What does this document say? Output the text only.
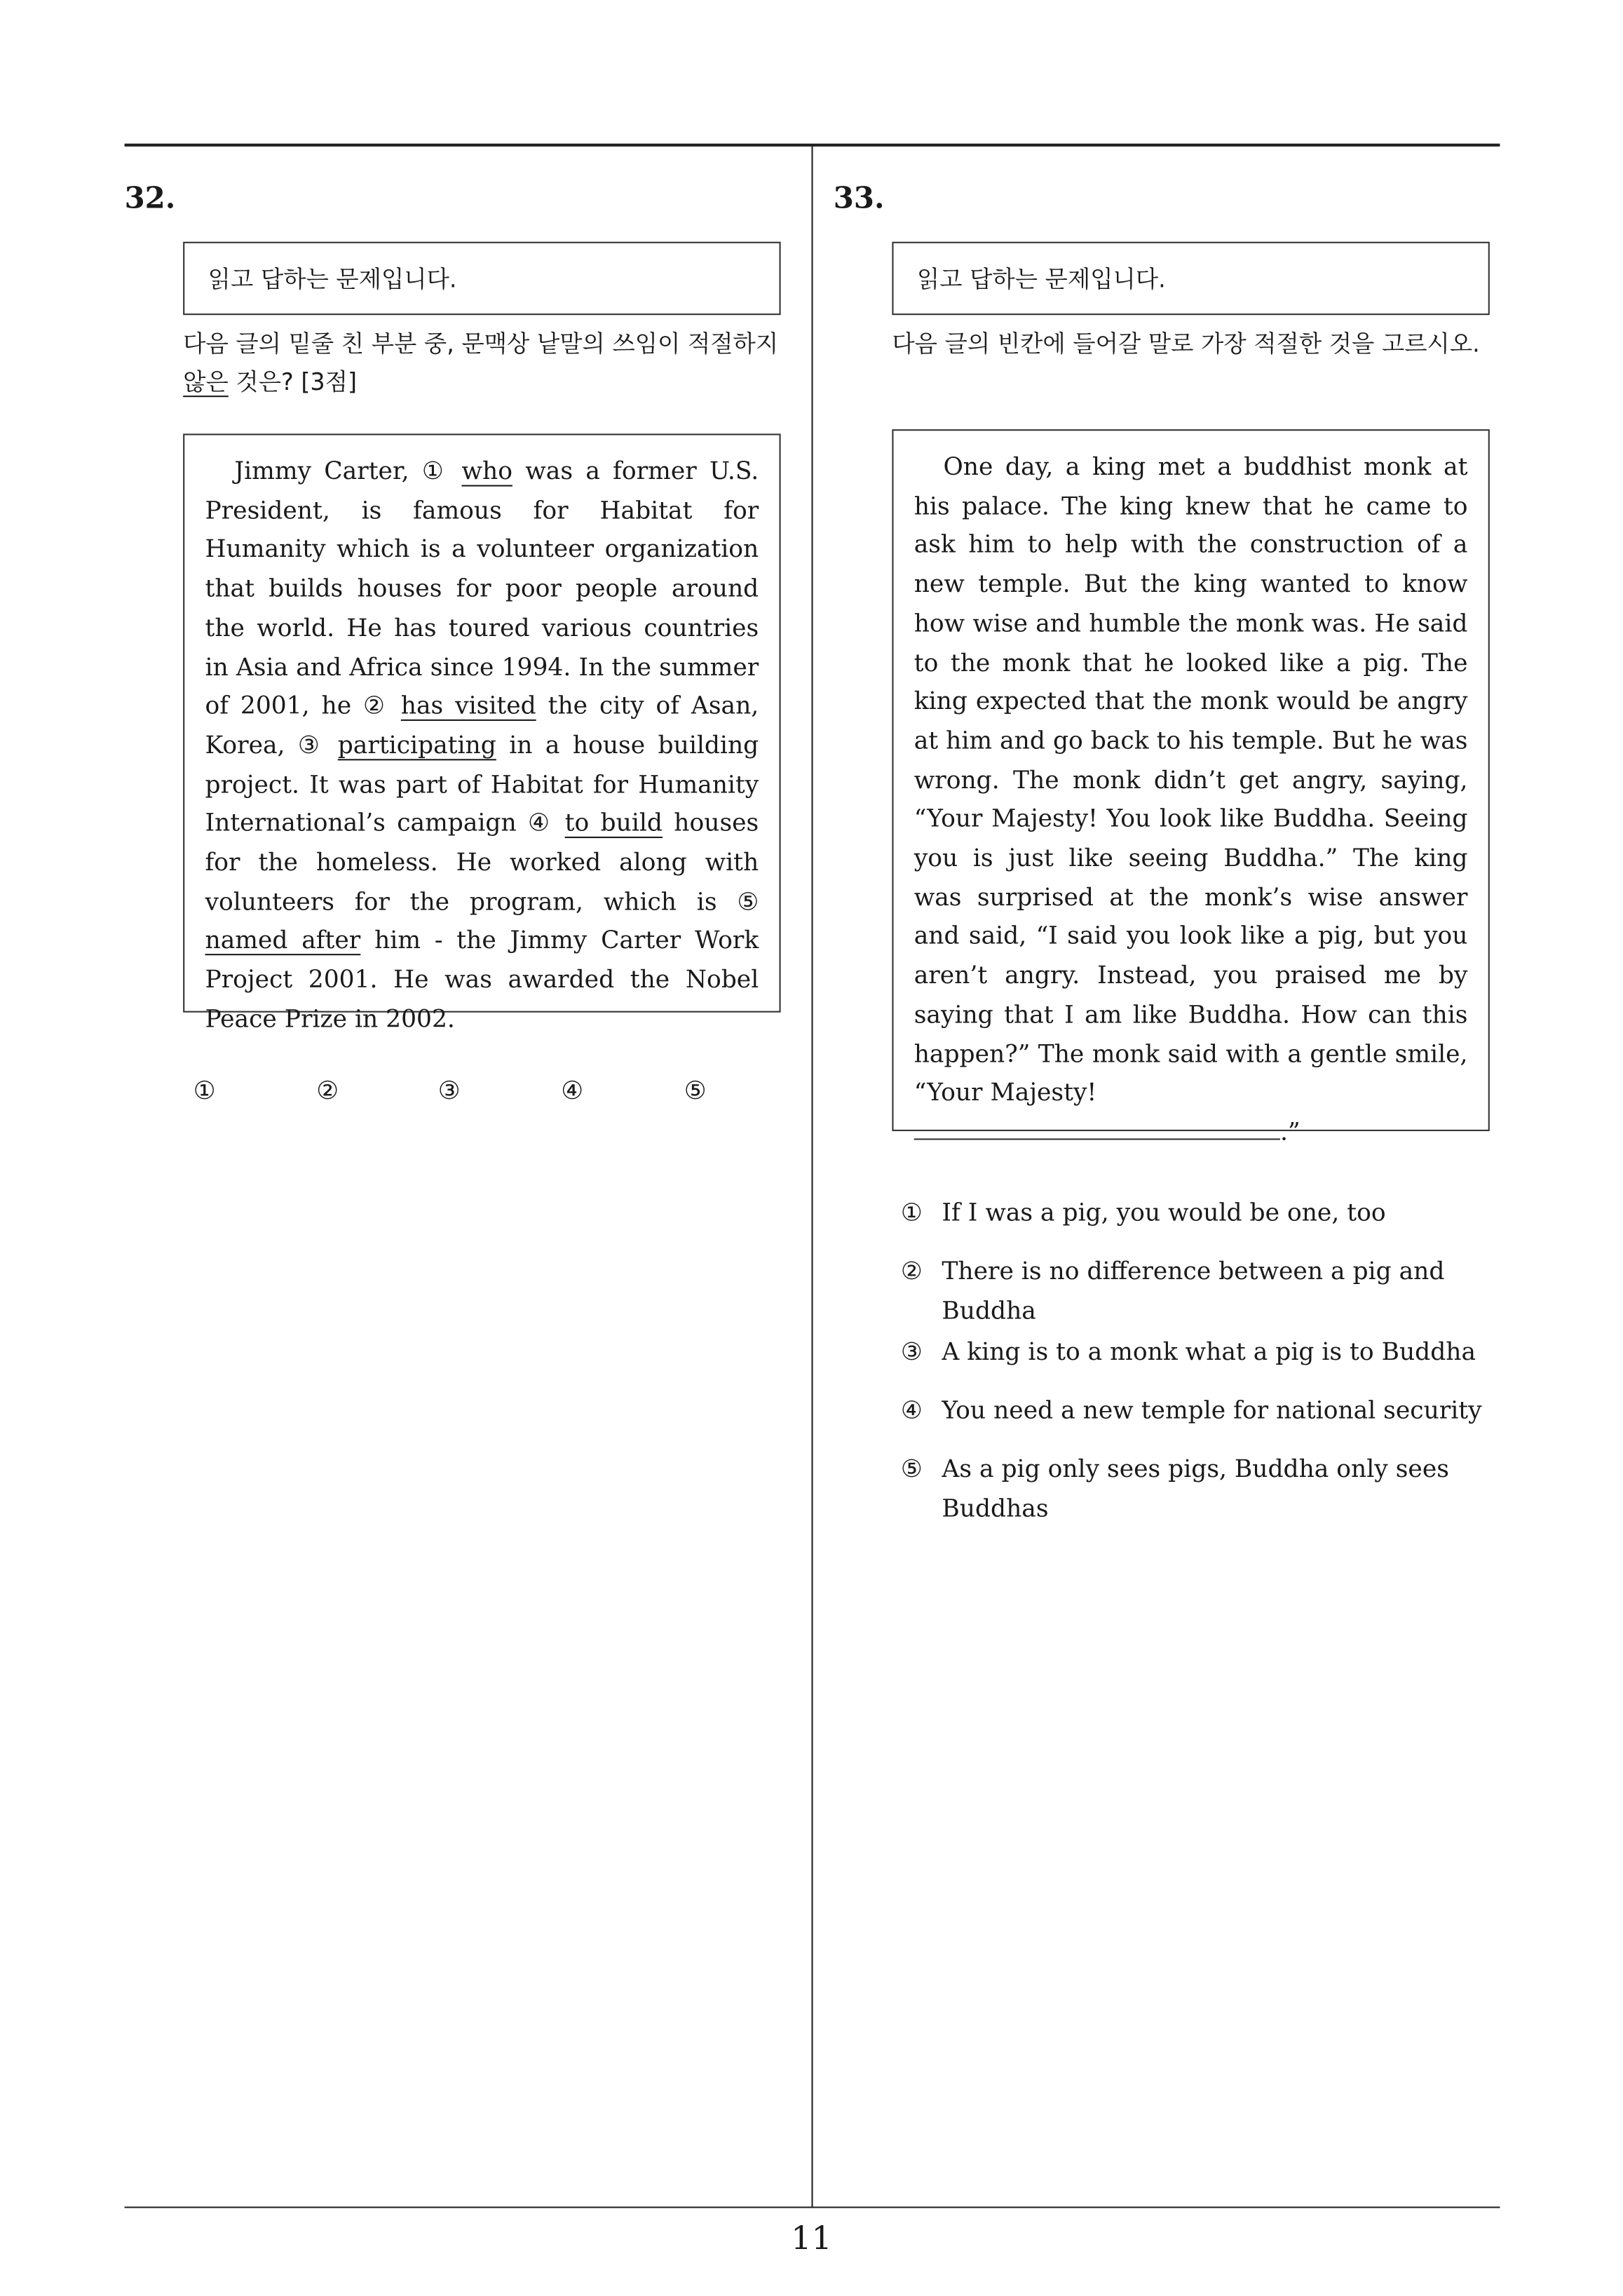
32.
읽고 답하는 문제입니다.
다음 글의 밑줄 친 부분 중, 문맥상 낱말의 쓰임이 적절하지 않은 것은? [3점]

Jimmy Carter, ① who was a former U.S. President, is famous for Habitat for Humanity which is a volunteer organization that builds houses for poor people around the world. He has toured various countries in Asia and Africa since 1994. In the summer of 2001, he ② has visited the city of Asan, Korea, ③ participating in a house building project. It was part of Habitat for Humanity International’s campaign ④ to build houses for the homeless. He worked along with volunteers for the program, which is ⑤ named after him - the Jimmy Carter Work Project 2001. He was awarded the Nobel Peace Prize in 2002.

①	②	③	④	⑤
33.
읽고 답하는 문제입니다.
다음 글의 빈칸에 들어갈 말로 가장 적절한 것을 고르시오.

One day, a king met a buddhist monk at his palace. The king knew that he came to ask him to help with the construction of a new temple. But the king wanted to know how wise and humble the monk was. He said to the monk that he looked like a pig. The king expected that the monk would be angry at him and go back to his temple. But he was wrong. The monk didn’t get angry, saying, “Your Majesty! You look like Buddha. Seeing you is just like seeing Buddha.” The king was surprised at the monk’s wise answer and said, “I said you look like a pig, but you aren’t angry. Instead, you praised me by saying that I am like Buddha. How can this happen?” The monk said with a gentle smile, “Your Majesty!
.”

①	If I was a pig, you would be one, too
②	There is no difference between a pig and Buddha
③	A king is to a monk what a pig is to Buddha
④	You need a new temple for national security
⑤	As a pig only sees pigs, Buddha only sees Buddhas
11
